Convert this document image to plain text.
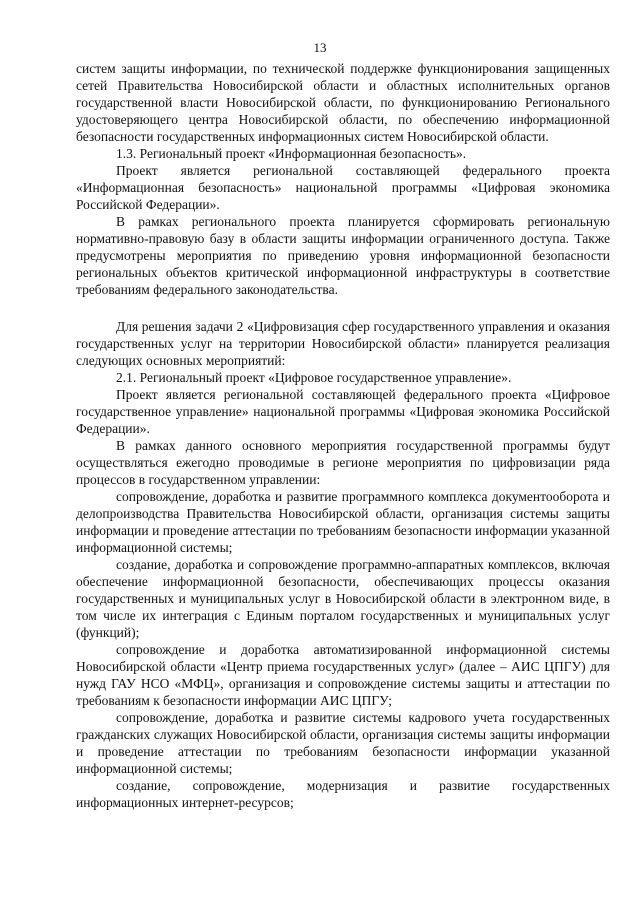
13

систем защиты информации, по технической поддержке функционирования защищенных сетей Правительства Новосибирской области и областных исполнительных органов государственной власти Новосибирской области, по функционированию Регионального удостоверяющего центра Новосибирской области, по обеспечению информационной безопасности государственных информационных систем Новосибирской области.

1.3. Региональный проект «Информационная безопасность».

Проект является региональной составляющей федерального проекта «Информационная безопасность» национальной программы «Цифровая экономика Российской Федерации».

В рамках регионального проекта планируется сформировать региональную нормативно-правовую базу в области защиты информации ограниченного доступа. Также предусмотрены мероприятия по приведению уровня информационной безопасности региональных объектов критической информационной инфраструктуры в соответствие требованиям федерального законодательства.

Для решения задачи 2 «Цифровизация сфер государственного управления и оказания государственных услуг на территории Новосибирской области» планируется реализация следующих основных мероприятий:

2.1. Региональный проект «Цифровое государственное управление».

Проект является региональной составляющей федерального проекта «Цифровое государственное управление» национальной программы «Цифровая экономика Российской Федерации».

В рамках данного основного мероприятия государственной программы будут осуществляться ежегодно проводимые в регионе мероприятия по цифровизации ряда процессов в государственном управлении:

сопровождение, доработка и развитие программного комплекса документооборота и делопроизводства Правительства Новосибирской области, организация системы защиты информации и проведение аттестации по требованиям безопасности информации указанной информационной системы;

создание, доработка и сопровождение программно-аппаратных комплексов, включая обеспечение информационной безопасности, обеспечивающих процессы оказания государственных и муниципальных услуг в Новосибирской области в электронном виде, в том числе их интеграция с Единым порталом государственных и муниципальных услуг (функций);

сопровождение и доработка автоматизированной информационной системы Новосибирской области «Центр приема государственных услуг» (далее – АИС ЦПГУ) для нужд ГАУ НСО «МФЦ», организация и сопровождение системы защиты и аттестации по требованиям к безопасности информации АИС ЦПГУ;

сопровождение, доработка и развитие системы кадрового учета государственных гражданских служащих Новосибирской области, организация системы защиты информации и проведение аттестации по требованиям безопасности информации указанной информационной системы;

создание, сопровождение, модернизация и развитие государственных информационных интернет-ресурсов;
